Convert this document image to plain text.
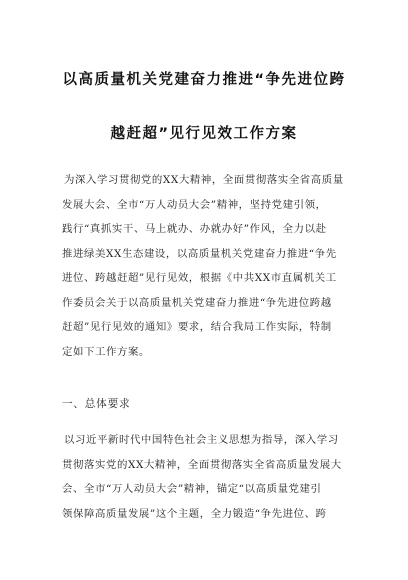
以高质量机关党建奋力推进“争先进位跨
越赶超”见行见效工作方案
为深入学习贯彻党的XX大精神，全面贯彻落实全省高质量
发展大会、全市“万人动员大会”精神，坚持党建引领，
践行“真抓实干、马上就办、办就办好”作风，全力以赴
推进绿美XX生态建设，以高质量机关党建奋力推进“争先
进位、跨越赶超”见行见效，根据《中共XX市直属机关工
作委员会关于以高质量机关党建奋力推进“争先进位跨越
赶超”见行见效的通知》要求，结合我局工作实际，特制
定如下工作方案。
一、总体要求
以习近平新时代中国特色社会主义思想为指导，深入学习
贯彻落实党的XX大精神，全面贯彻落实全省高质量发展大
会、全市“万人动员大会”精神，锚定“以高质量党建引
领保障高质量发展”这个主题，全力锻造“争先进位、跨
